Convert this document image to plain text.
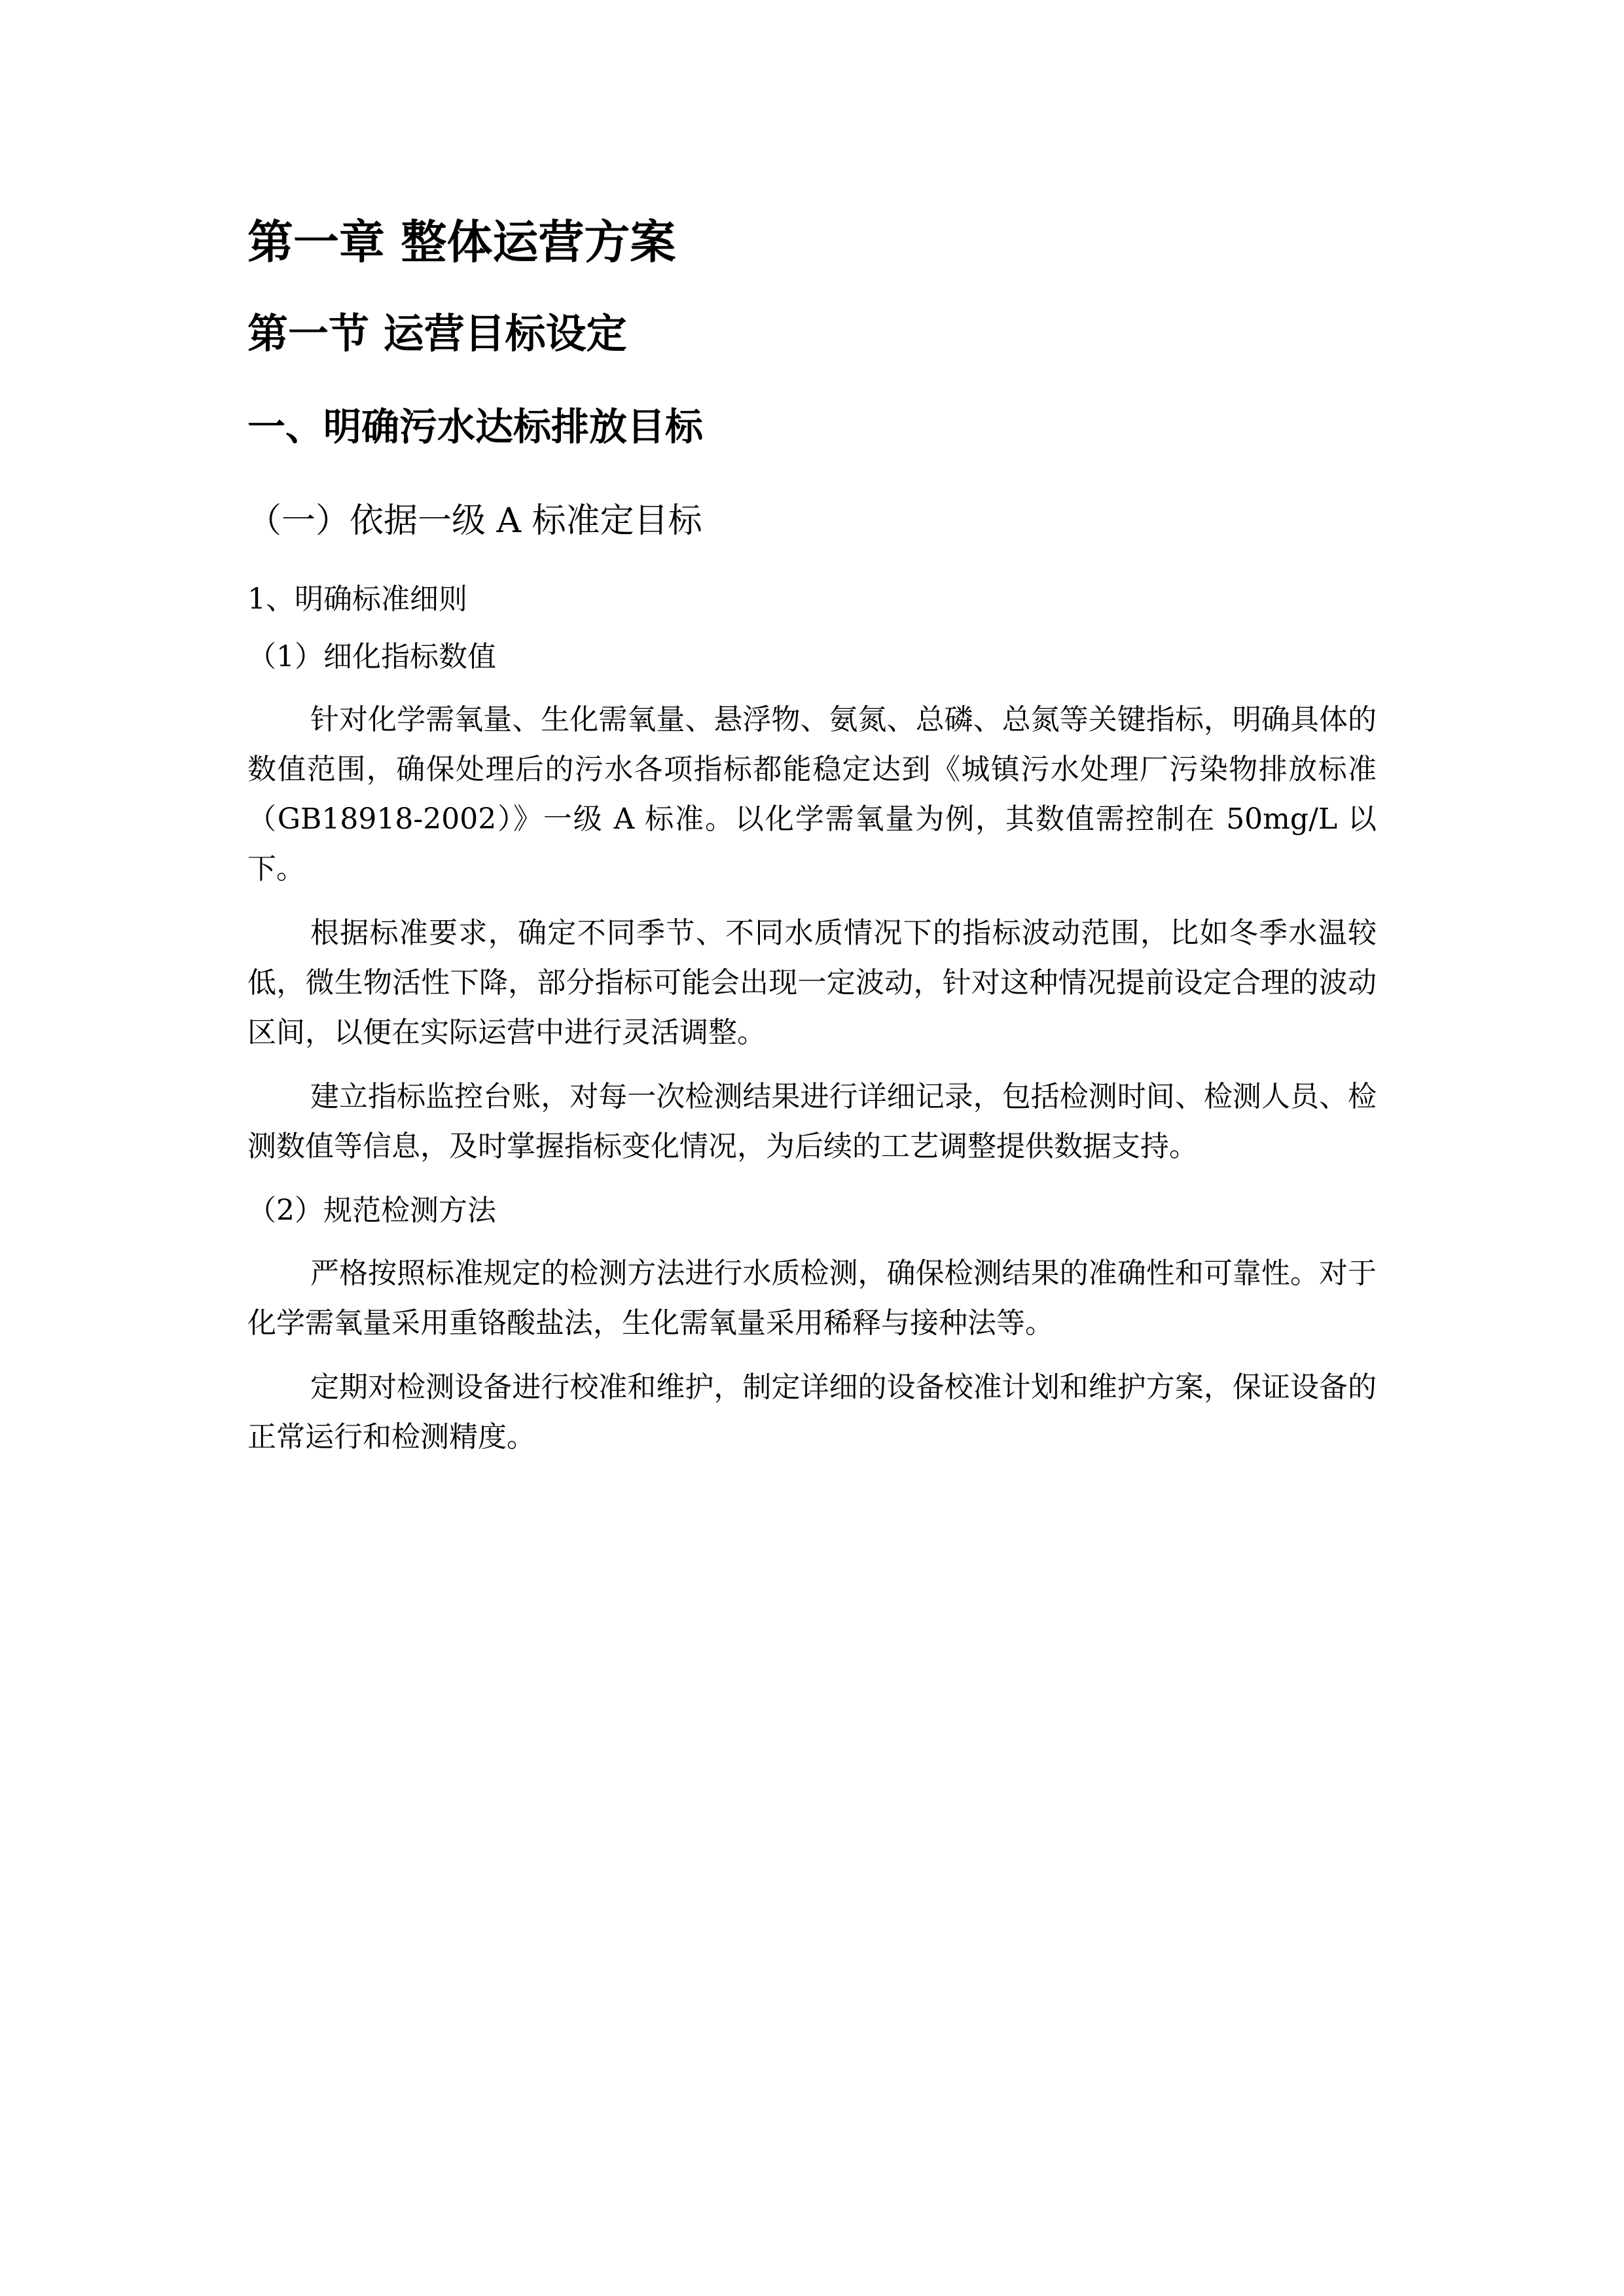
第一章 整体运营方案
第一节 运营目标设定
一、明确污水达标排放目标
（一）依据一级 A 标准定目标
1、明确标准细则
（1）细化指标数值

针对化学需氧量、生化需氧量、悬浮物、氨氮、总磷、总氮等关键指标，明确具体的数值范围，确保处理后的污水各项指标都能稳定达到《城镇污水处理厂污染物排放标准（GB18918-2002）》一级 A 标准。以化学需氧量为例，其数值需控制在 50mg/L 以下。

根据标准要求，确定不同季节、不同水质情况下的指标波动范围，比如冬季水温较低，微生物活性下降，部分指标可能会出现一定波动，针对这种情况提前设定合理的波动区间，以便在实际运营中进行灵活调整。

建立指标监控台账，对每一次检测结果进行详细记录，包括检测时间、检测人员、检测数值等信息，及时掌握指标变化情况，为后续的工艺调整提供数据支持。

（2）规范检测方法

严格按照标准规定的检测方法进行水质检测，确保检测结果的准确性和可靠性。对于化学需氧量采用重铬酸盐法，生化需氧量采用稀释与接种法等。

定期对检测设备进行校准和维护，制定详细的设备校准计划和维护方案，保证设备的正常运行和检测精度。
